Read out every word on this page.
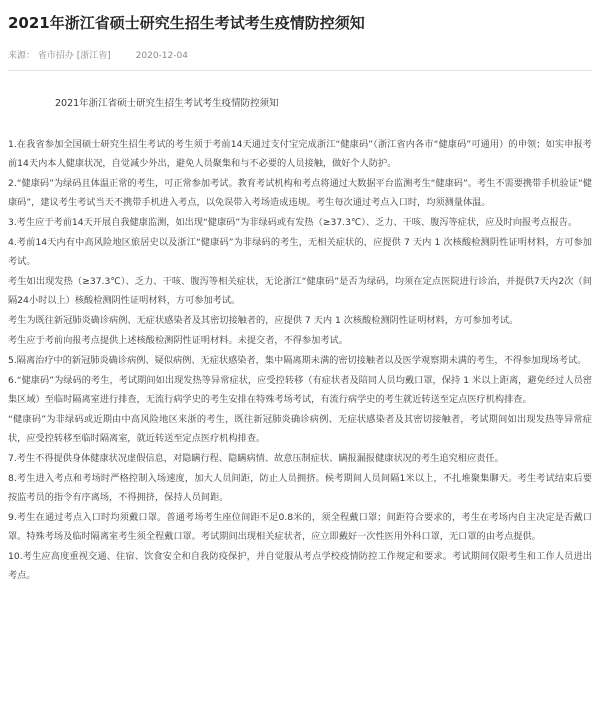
2021年浙江省硕士研究生招生考试考生疫情防控须知
来源： 省市招办 [浙江省]	2020-12-04
2021年浙江省硕士研究生招生考试考生疫情防控须知

1.在我省参加全国硕士研究生招生考试的考生须于考前14天通过支付宝完成浙江“健康码”（浙江省内各市“健康码”可通用）的申领；如实申报考前14天内本人健康状况，自觉减少外出，避免人员聚集和与不必要的人员接触，做好个人防护。

2.“健康码”为绿码且体温正常的考生，可正常参加考试。教育考试机构和考点将通过大数据平台监测考生“健康码”。考生不需要携带手机验证“健康码”，建议考生考试当天不携带手机进入考点，以免误带入考场造成违规。考生每次通过考点入口时，均须测量体温。

3.考生应于考前14天开展自我健康监测，如出现“健康码”为非绿码或有发热（≥37.3℃）、乏力、干咳、腹泻等症状，应及时向报考点报告。

4.考前14天内有中高风险地区旅居史以及浙江“健康码”为非绿码的考生，无相关症状的，应提供 7 天内 1 次核酸检测阴性证明材料，方可参加考试。

考生如出现发热（≥37.3℃）、乏力、干咳、腹泻等相关症状，无论浙江“健康码”是否为绿码，均须在定点医院进行诊治，并提供7天内2次（间隔24小时以上）核酸检测阴性证明材料，方可参加考试。

考生为既往新冠肺炎确诊病例、无症状感染者及其密切接触者的，应提供 7 天内 1 次核酸检测阴性证明材料，方可参加考试。

考生应于考前向报考点提供上述核酸检测阴性证明材料。未提交者，不得参加考试。

5.隔离治疗中的新冠肺炎确诊病例、疑似病例、无症状感染者，集中隔离期未满的密切接触者以及医学观察期未满的考生，不得参加现场考试。

6.“健康码”为绿码的考生，考试期间如出现发热等异常症状，应受控转移（有症状者及陪同人员均戴口罩，保持 1 米以上距离，避免经过人员密集区域）至临时隔离室进行排查，无流行病学史的考生安排在特殊考场考试，有流行病学史的考生就近转送至定点医疗机构排查。

“健康码”为非绿码或近期由中高风险地区来浙的考生，既往新冠肺炎确诊病例、无症状感染者及其密切接触者，考试期间如出现发热等异常症状，应受控转移至临时隔离室，就近转送至定点医疗机构排查。

7.考生不得提供身体健康状况虚假信息，对隐瞒行程、隐瞒病情、故意压制症状、瞒报漏报健康状况的考生追究相应责任。

8.考生进入考点和考场时严格控制入场速度，加大人员间距，防止人员拥挤。候考期间人员间隔1米以上，不扎堆聚集聊天。考生考试结束后要按监考员的指令有序离场，不得拥挤，保持人员间距。

9.考生在通过考点入口时均须戴口罩。普通考场考生座位间距不足0.8米的，须全程戴口罩；间距符合要求的，考生在考场内自主决定是否戴口罩。特殊考场及临时隔离室考生须全程戴口罩。考试期间出现相关症状者，应立即戴好一次性医用外科口罩，无口罩的由考点提供。

10.考生应高度重视交通、住宿、饮食安全和自我防疫保护，并自觉服从考点学校疫情防控工作规定和要求。考试期间仅限考生和工作人员进出考点。
